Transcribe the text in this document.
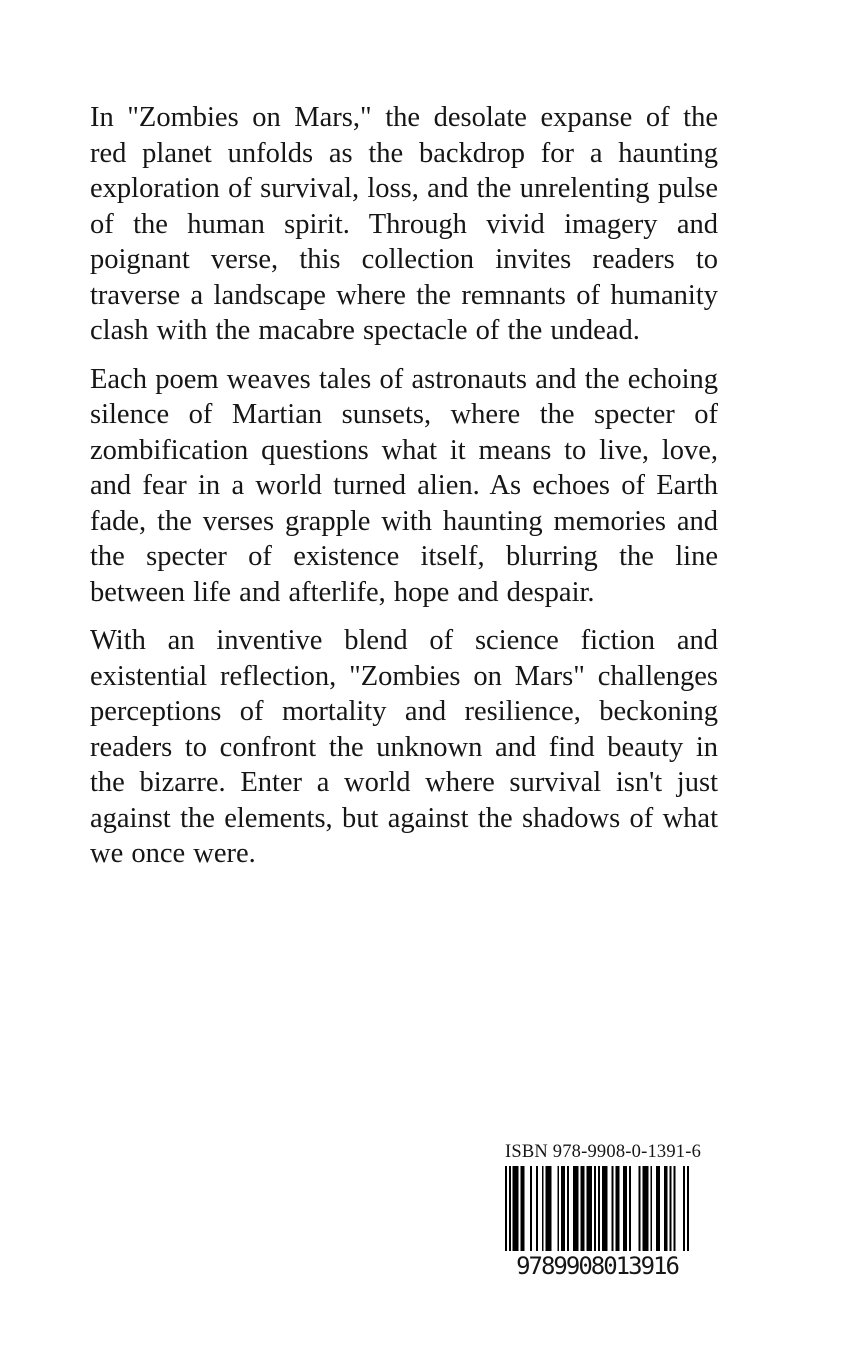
In "Zombies on Mars," the desolate expanse of the red planet unfolds as the backdrop for a haunting exploration of survival, loss, and the unrelenting pulse of the human spirit. Through vivid imagery and poignant verse, this collection invites readers to traverse a landscape where the remnants of humanity clash with the macabre spectacle of the undead.

Each poem weaves tales of astronauts and the echoing silence of Martian sunsets, where the specter of zombification questions what it means to live, love, and fear in a world turned alien. As echoes of Earth fade, the verses grapple with haunting memories and the specter of existence itself, blurring the line between life and afterlife, hope and despair.

With an inventive blend of science fiction and existential reflection, "Zombies on Mars" challenges perceptions of mortality and resilience, beckoning readers to confront the unknown and find beauty in the bizarre. Enter a world where survival isn't just against the elements, but against the shadows of what we once were.

ISBN 978-9908-0-1391-6
9789908013916
